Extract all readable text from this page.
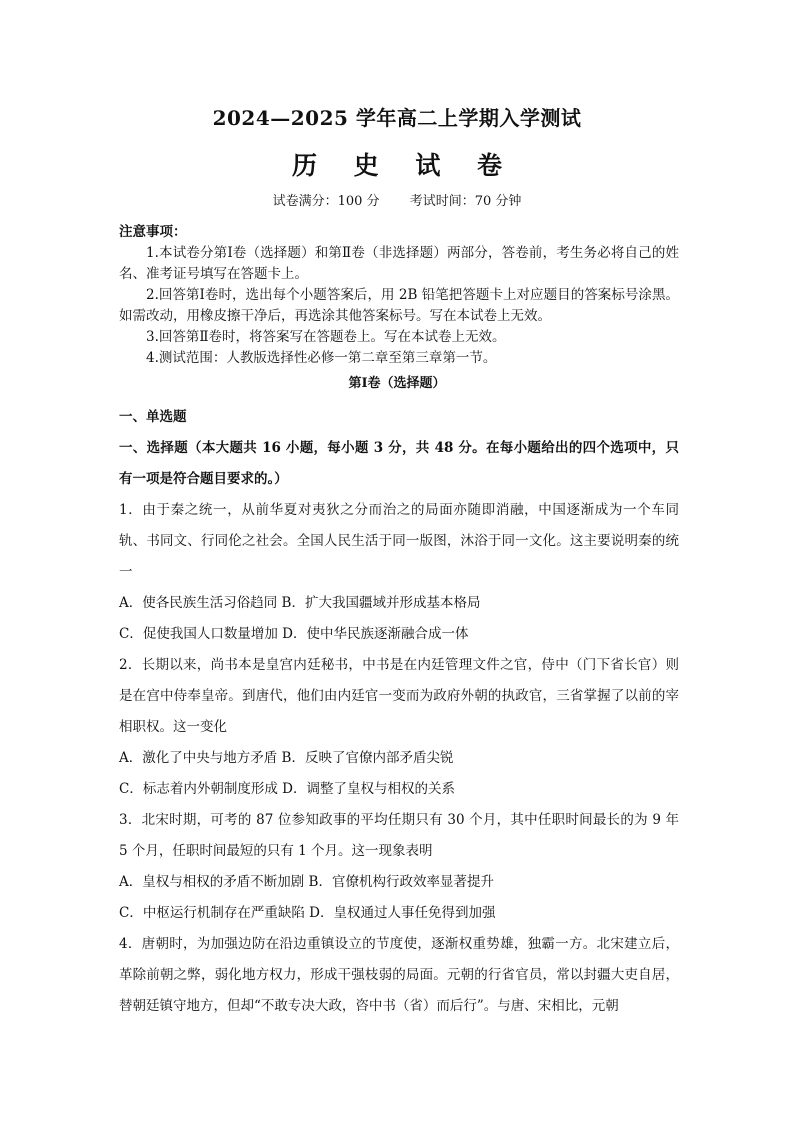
2024—2025 学年高二上学期入学测试
历 史 试 卷
试卷满分：100 分 考试时间：70 分钟
注意事项：
1.本试卷分第Ⅰ卷（选择题）和第Ⅱ卷（非选择题）两部分，答卷前，考生务必将自己的姓名、准考证号填写在答题卡上。
2.回答第Ⅰ卷时，选出每个小题答案后，用 2B 铅笔把答题卡上对应题目的答案标号涂黑。如需改动，用橡皮擦干净后，再选涂其他答案标号。写在本试卷上无效。
3.回答第Ⅱ卷时，将答案写在答题卷上。写在本试卷上无效。
4.测试范围：人教版选择性必修一第二章至第三章第一节。
第Ⅰ卷（选择题）

一、单选题

一、选择题（本大题共 16 小题，每小题 3 分，共 48 分。在每小题给出的四个选项中，只有一项是符合题目要求的。）

1．由于秦之统一，从前华夏对夷狄之分而治之的局面亦随即消融，中国逐渐成为一个车同轨、书同文、行同伦之社会。全国人民生活于同一版图，沐浴于同一文化。这主要说明秦的统一

A．使各民族生活习俗趋同 B．扩大我国疆域并形成基本格局

C．促使我国人口数量增加 D．使中华民族逐渐融合成一体

2．长期以来，尚书本是皇宫内廷秘书，中书是在内廷管理文件之官，侍中（门下省长官）则是在宫中侍奉皇帝。到唐代，他们由内廷官一变而为政府外朝的执政官，三省掌握了以前的宰相职权。这一变化

A．激化了中央与地方矛盾 B．反映了官僚内部矛盾尖锐

C．标志着内外朝制度形成 D．调整了皇权与相权的关系

3．北宋时期，可考的 87 位参知政事的平均任期只有 30 个月，其中任职时间最长的为 9 年 5 个月，任职时间最短的只有 1 个月。这一现象表明

A．皇权与相权的矛盾不断加剧 B．官僚机构行政效率显著提升

C．中枢运行机制存在严重缺陷 D．皇权通过人事任免得到加强

4．唐朝时，为加强边防在沿边重镇设立的节度使，逐渐权重势雄，独霸一方。北宋建立后，革除前朝之弊，弱化地方权力，形成干强枝弱的局面。元朝的行省官员，常以封疆大吏自居，替朝廷镇守地方，但却“不敢专决大政，咨中书（省）而后行”。与唐、宋相比，元朝
